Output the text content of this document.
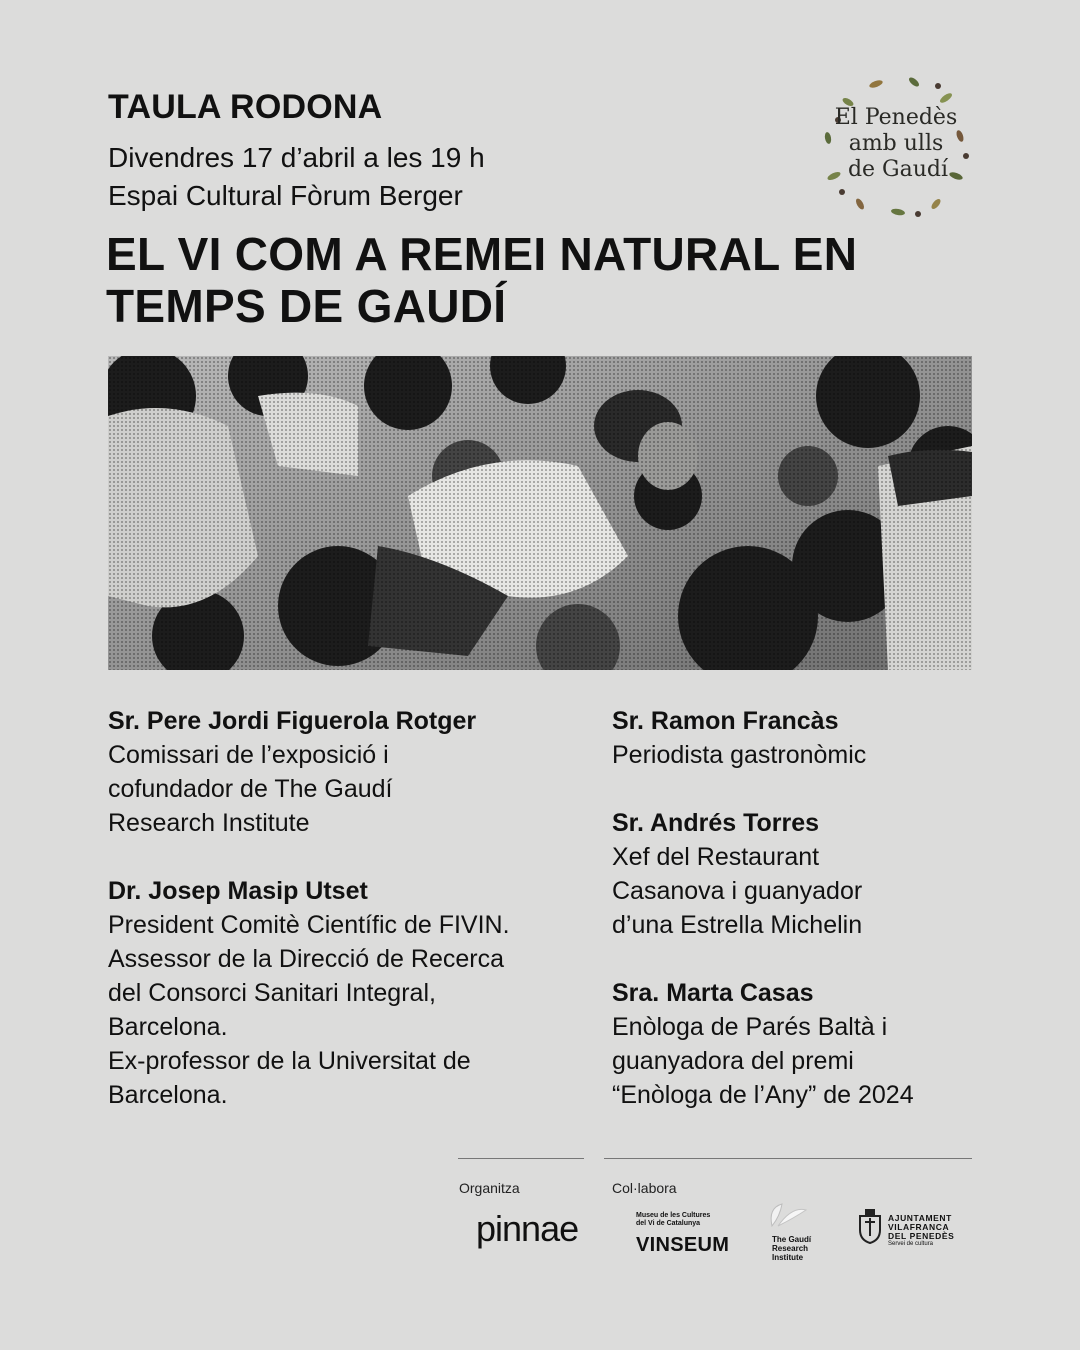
TAULA RODONA
Divendres 17 d’abril a les 19 h
Espai Cultural Fòrum Berger
EL VI COM A REMEI NATURAL EN TEMPS DE GAUDÍ
El Penedès
amb ulls
de Gaudí
Sr. Pere Jordi Figuerola Rotger
Comissari de l’exposició i
cofundador de The Gaudí
Research Institute
Dr. Josep Masip Utset
President Comitè Científic de FIVIN.
Assessor de la Direcció de Recerca
del Consorci Sanitari Integral,
Barcelona.
Ex-professor de la Universitat de
Barcelona.
Sr. Ramon Francàs
Periodista gastronòmic
Sr. Andrés Torres
Xef del Restaurant
Casanova i guanyador
d’una Estrella Michelin
Sra. Marta Casas
Enòloga de Parés Baltà i
guanyadora del premi
“Enòloga de l’Any” de 2024
Organitza	Col·labora
pinnae	Museu de les Cultures
del Vi de Catalunya
VINSEUM	The Gaudí
Research
Institute
AJUNTAMENT
VILAFRANCA
DEL PENEDÈS
Servei de cultura
